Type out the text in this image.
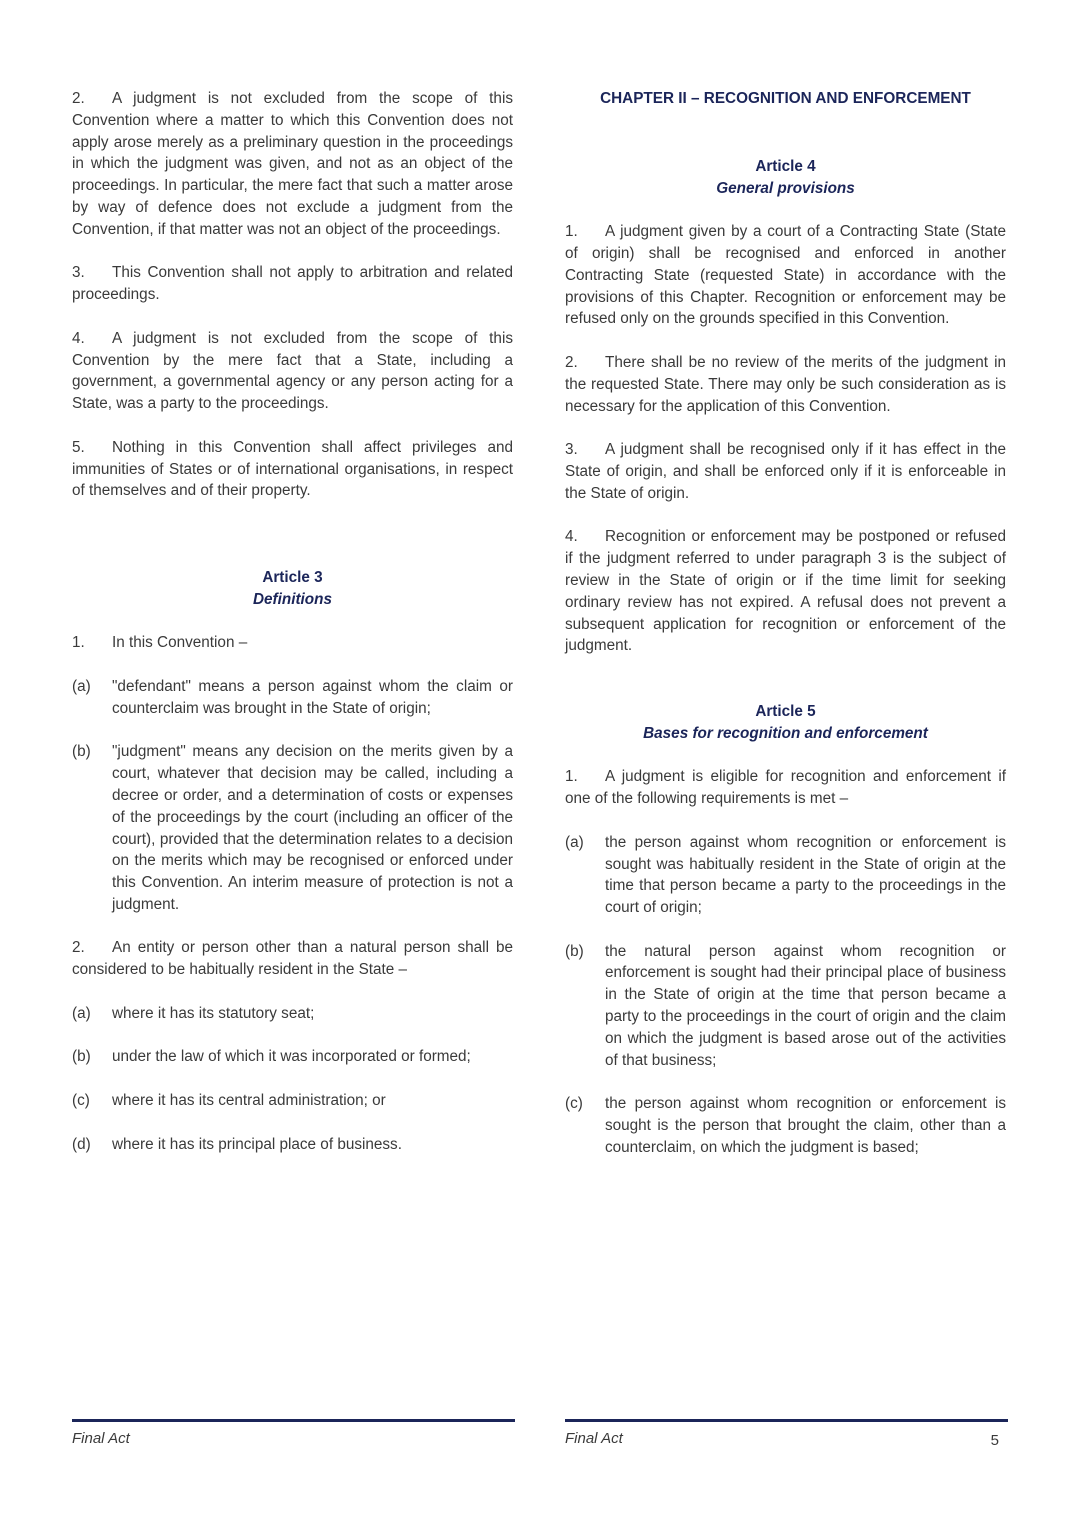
2. A judgment is not excluded from the scope of this Convention where a matter to which this Convention does not apply arose merely as a preliminary question in the proceedings in which the judgment was given, and not as an object of the proceedings. In particular, the mere fact that such a matter arose by way of defence does not exclude a judgment from the Convention, if that matter was not an object of the proceedings.

3. This Convention shall not apply to arbitration and related proceedings.

4. A judgment is not excluded from the scope of this Convention by the mere fact that a State, including a government, a governmental agency or any person acting for a State, was a party to the proceedings.

5. Nothing in this Convention shall affect privileges and immunities of States or of international organisations, in respect of themselves and of their property.

Article 3

Definitions

1.	In this Convention –
(a)	"defendant" means a person against whom the claim or counterclaim was brought in the State of origin;
(b)	"judgment" means any decision on the merits given by a court, whatever that decision may be called, including a decree or order, and a determination of costs or expenses of the proceedings by the court (including an officer of the court), provided that the determination relates to a decision on the merits which may be recognised or enforced under this Convention. An interim measure of protection is not a judgment.

2. An entity or person other than a natural person shall be considered to be habitually resident in the State –

(a)	where it has its statutory seat;
(b)	under the law of which it was incorporated or formed;
(c)	where it has its central administration; or
(d)	where it has its principal place of business.

CHAPTER II – RECOGNITION AND ENFORCEMENT

Article 4

General provisions

1. A judgment given by a court of a Contracting State (State of origin) shall be recognised and enforced in another Contracting State (requested State) in accordance with the provisions of this Chapter. Recognition or enforcement may be refused only on the grounds specified in this Convention.

2. There shall be no review of the merits of the judgment in the requested State. There may only be such consideration as is necessary for the application of this Convention.

3. A judgment shall be recognised only if it has effect in the State of origin, and shall be enforced only if it is enforceable in the State of origin.

4. Recognition or enforcement may be postponed or refused if the judgment referred to under paragraph 3 is the subject of review in the State of origin or if the time limit for seeking ordinary review has not expired. A refusal does not prevent a subsequent application for recognition or enforcement of the judgment.

Article 5

Bases for recognition and enforcement

1. A judgment is eligible for recognition and enforcement if one of the following requirements is met –

(a)	the person against whom recognition or enforcement is sought was habitually resident in the State of origin at the time that person became a party to the proceedings in the court of origin;
(b)	the natural person against whom recognition or enforcement is sought had their principal place of business in the State of origin at the time that person became a party to the proceedings in the court of origin and the claim on which the judgment is based arose out of the activities of that business;
(c)	the person against whom recognition or enforcement is sought is the person that brought the claim, other than a counterclaim, on which the judgment is based;
Final Act	Final Act	5
